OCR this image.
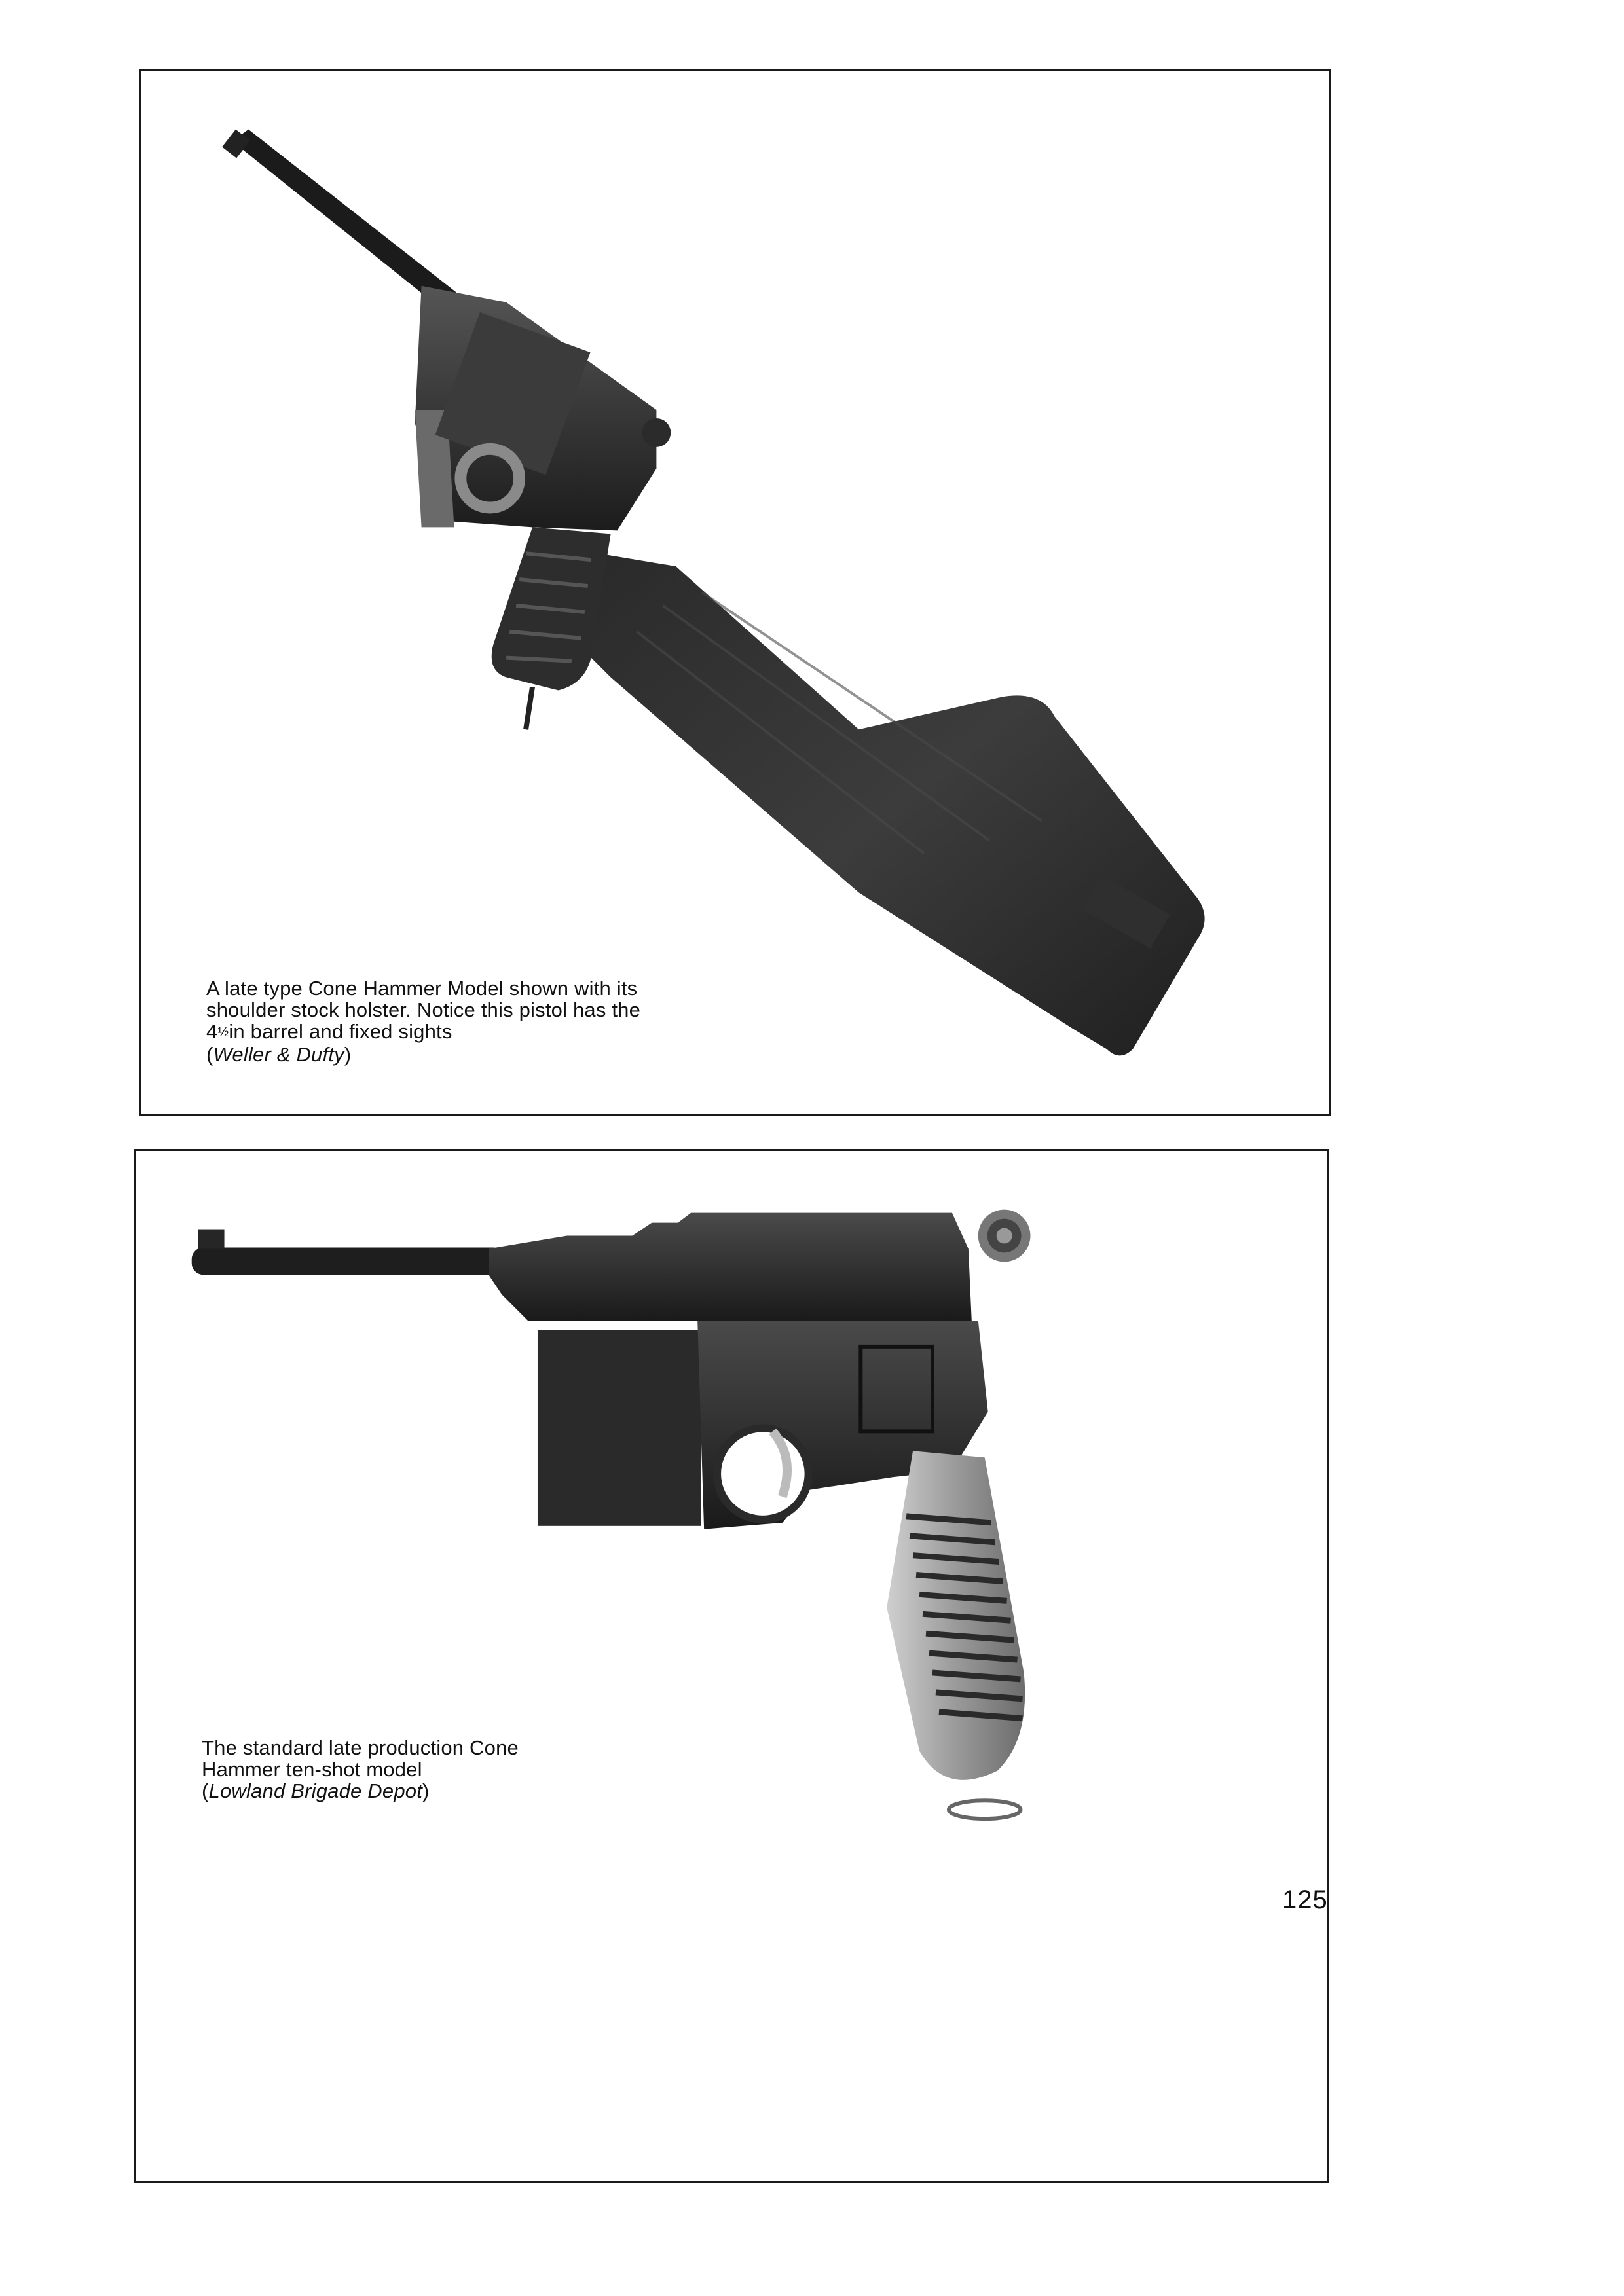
A late type Cone Hammer Model shown with its
shoulder stock holster. Notice this pistol has the
4½in barrel and fixed sights
(Weller & Dufty)
The standard late production Cone
Hammer ten-shot model
(Lowland Brigade Depot)
125
